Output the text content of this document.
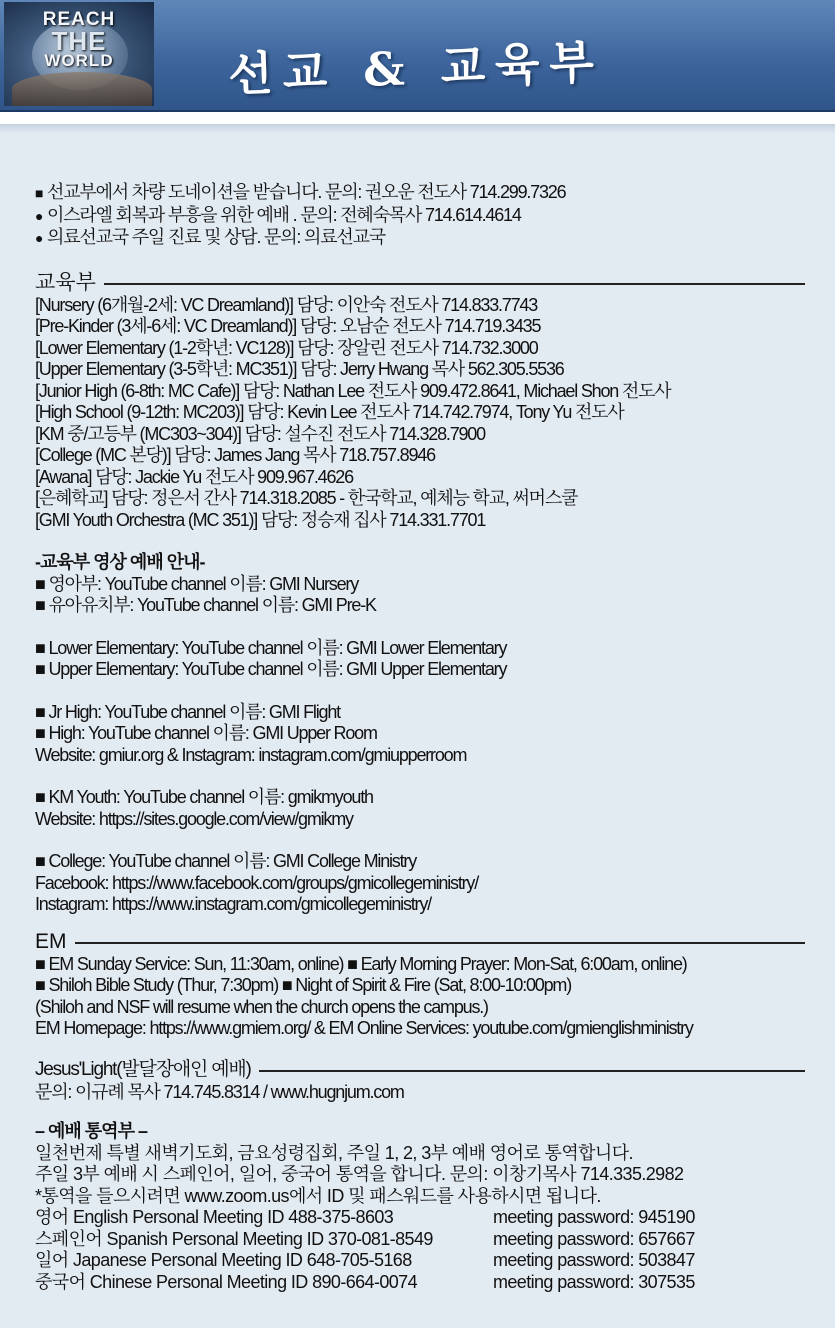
REACH
THE
WORLD	선교 & 교육부
■ 선교부에서 차량 도네이션을 받습니다. 문의: 권오운 전도사 714.299.7326
● 이스라엘 회복과 부흥을 위한 예배 . 문의: 전혜숙목사 714.614.4614
● 의료선교국 주일 진료 및 상담. 문의: 의료선교국
교육부
[Nursery (6개월-2세: VC Dreamland)] 담당: 이안숙 전도사 714.833.7743
[Pre-Kinder (3세-6세: VC Dreamland)] 담당: 오남순 전도사 714.719.3435
[Lower Elementary (1-2학년: VC128)] 담당: 장알린 전도사 714.732.3000
[Upper Elementary (3-5학년: MC351)] 담당: Jerry Hwang 목사 562.305.5536
[Junior High (6-8th: MC Cafe)] 담당: Nathan Lee 전도사 909.472.8641, Michael Shon 전도사
[High School (9-12th: MC203)] 담당: Kevin Lee 전도사 714.742.7974, Tony Yu 전도사
[KM 중/고등부 (MC303~304)] 담당: 설수진 전도사 714.328.7900
[College (MC 본당)] 담당: James Jang 목사 718.757.8946
[Awana] 담당: Jackie Yu 전도사 909.967.4626
[은혜학교] 담당: 정은서 간사 714.318.2085 - 한국학교, 예체능 학교, 써머스쿨
[GMI Youth Orchestra (MC 351)] 담당: 정승재 집사 714.331.7701
-교육부 영상 예배 안내-
■ 영아부: YouTube channel 이름: GMI Nursery
■ 유아유치부: YouTube channel 이름: GMI Pre-K
■ Lower Elementary: YouTube channel 이름: GMI Lower Elementary
■ Upper Elementary: YouTube channel 이름: GMI Upper Elementary
■ Jr High: YouTube channel 이름: GMI Flight
■ High: YouTube channel 이름: GMI Upper Room
Website: gmiur.org & Instagram: instagram.com/gmiupperroom
■ KM Youth: YouTube channel 이름: gmikmyouth
Website: https://sites.google.com/view/gmikmy
■ College: YouTube channel 이름: GMI College Ministry
Facebook: https://www.facebook.com/groups/gmicollegeministry/
Instagram: https://www.instagram.com/gmicollegeministry/
EM
■ EM Sunday Service: Sun, 11:30am, online) ■ Early Morning Prayer: Mon-Sat, 6:00am, online)
■ Shiloh Bible Study (Thur, 7:30pm) ■ Night of Spirit & Fire (Sat, 8:00-10:00pm)
(Shiloh and NSF will resume when the church opens the campus.)
EM Homepage: https://www.gmiem.org/ & EM Online Services: youtube.com/gmienglishministry
Jesus'Light(발달장애인 예배)
문의: 이규례 목사 714.745.8314 / www.hugnjum.com
– 예배 통역부 –
일천번제 특별 새벽기도회, 금요성령집회, 주일 1, 2, 3부 예배 영어로 통역합니다.
주일 3부 예배 시 스페인어, 일어, 중국어 통역을 합니다. 문의: 이창기목사 714.335.2982
*통역을 들으시려면 www.zoom.us에서 ID 및 패스워드를 사용하시면 됩니다.
영어 English Personal Meeting ID 488-375-8603	meeting password: 945190
스페인어 Spanish Personal Meeting ID 370-081-8549	meeting password: 657667
일어 Japanese Personal Meeting ID 648-705-5168	meeting password: 503847
중국어 Chinese Personal Meeting ID 890-664-0074	meeting password: 307535
